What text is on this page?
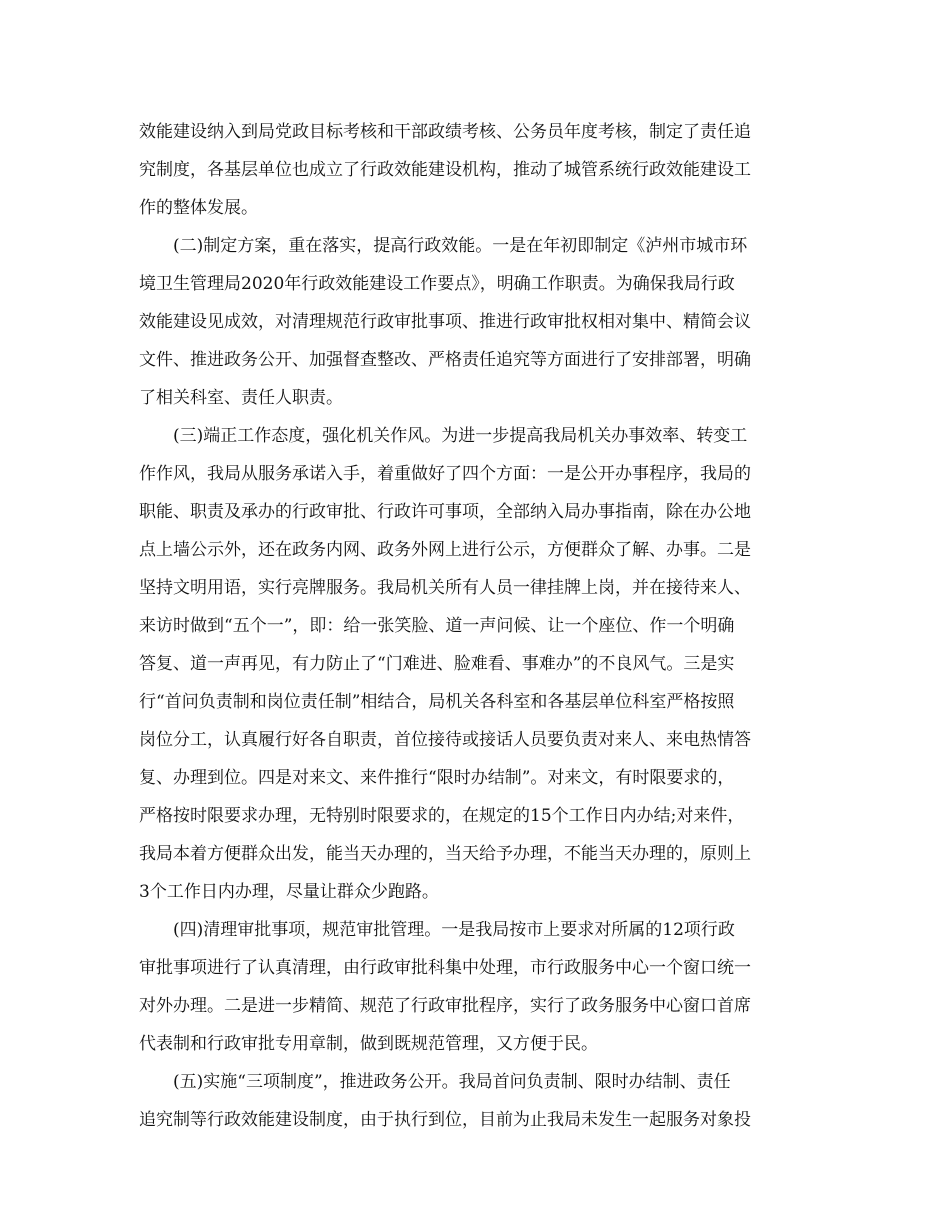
效能建设纳入到局党政目标考核和干部政绩考核、公务员年度考核，制定了责任追
究制度，各基层单位也成立了行政效能建设机构，推动了城管系统行政效能建设工
作的整体发展。
(二)制定方案，重在落实，提高行政效能。一是在年初即制定《泸州市城市环
境卫生管理局2020年行政效能建设工作要点》，明确工作职责。为确保我局行政
效能建设见成效，对清理规范行政审批事项、推进行政审批权相对集中、精简会议
文件、推进政务公开、加强督查整改、严格责任追究等方面进行了安排部署，明确
了相关科室、责任人职责。
(三)端正工作态度，强化机关作风。为进一步提高我局机关办事效率、转变工
作作风，我局从服务承诺入手，着重做好了四个方面：一是公开办事程序，我局的
职能、职责及承办的行政审批、行政许可事项，全部纳入局办事指南，除在办公地
点上墙公示外，还在政务内网、政务外网上进行公示，方便群众了解、办事。二是
坚持文明用语，实行亮牌服务。我局机关所有人员一律挂牌上岗，并在接待来人、
来访时做到“五个一”，即：给一张笑脸、道一声问候、让一个座位、作一个明确
答复、道一声再见，有力防止了“门难进、脸难看、事难办”的不良风气。三是实
行“首问负责制和岗位责任制”相结合，局机关各科室和各基层单位科室严格按照
岗位分工，认真履行好各自职责，首位接待或接话人员要负责对来人、来电热情答
复、办理到位。四是对来文、来件推行“限时办结制”。对来文，有时限要求的，
严格按时限要求办理，无特别时限要求的，在规定的15个工作日内办结;对来件，
我局本着方便群众出发，能当天办理的，当天给予办理，不能当天办理的，原则上
3个工作日内办理，尽量让群众少跑路。
(四)清理审批事项，规范审批管理。一是我局按市上要求对所属的12项行政
审批事项进行了认真清理，由行政审批科集中处理，市行政服务中心一个窗口统一
对外办理。二是进一步精简、规范了行政审批程序，实行了政务服务中心窗口首席
代表制和行政审批专用章制，做到既规范管理，又方便于民。
(五)实施“三项制度”，推进政务公开。我局首问负责制、限时办结制、责任
追究制等行政效能建设制度，由于执行到位，目前为止我局未发生一起服务对象投
